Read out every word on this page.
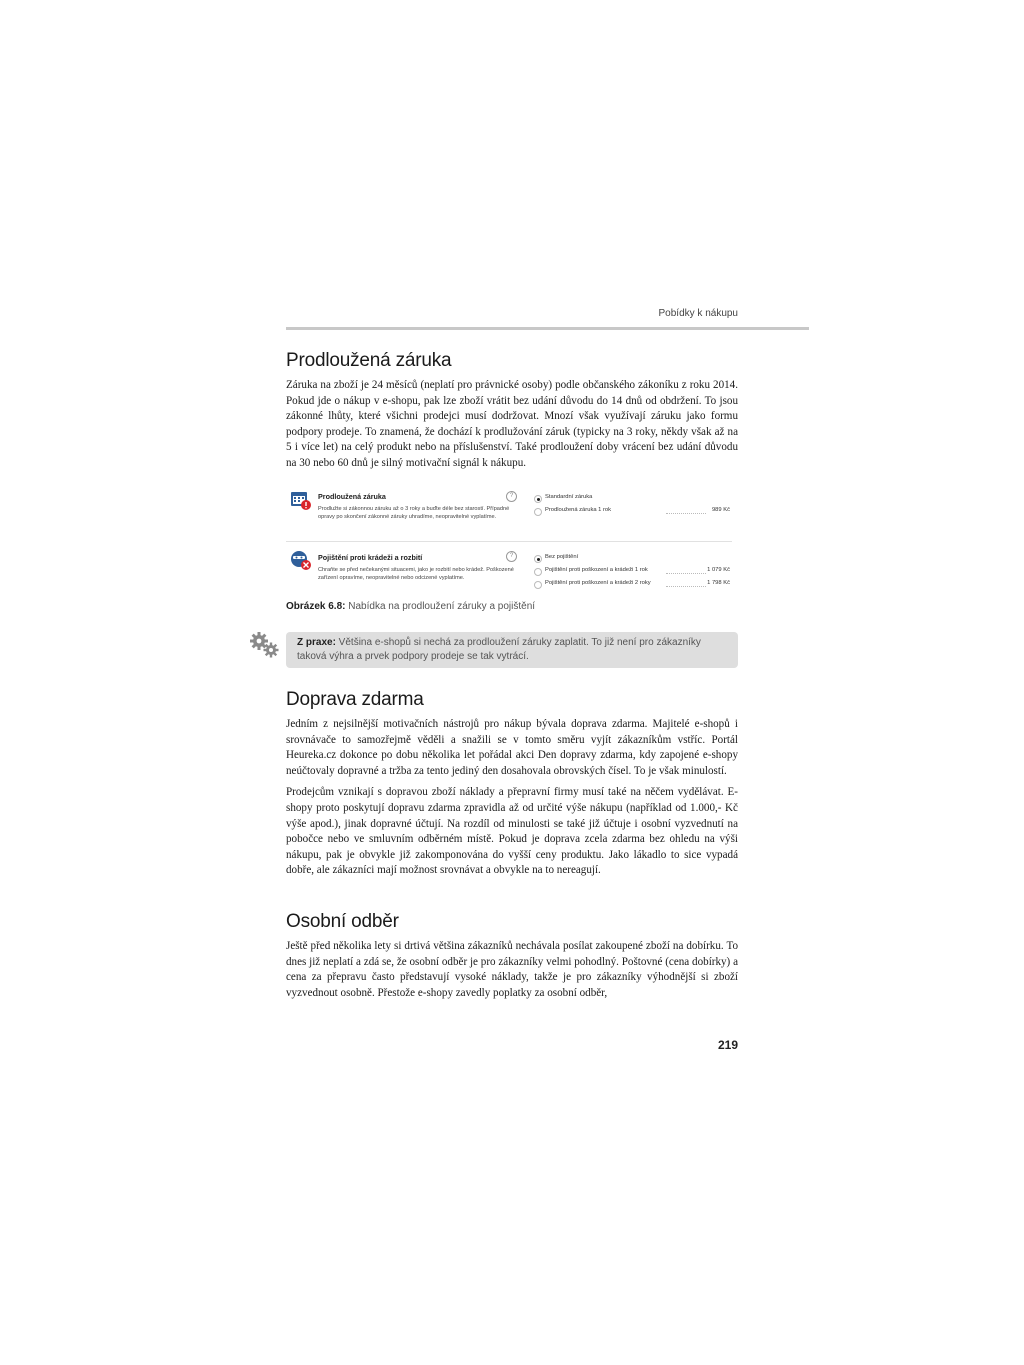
Pobídky k nákupu
Prodloužená záruka

Záruka na zboží je 24 měsíců (neplatí pro právnické osoby) podle občanského zákoníku z roku 2014. Pokud jde o nákup v e-shopu, pak lze zboží vrátit bez udání důvodu do 14 dnů od obdržení. To jsou zákonné lhůty, které všichni prodejci musí dodržovat. Mnozí však využívají záruku jako formu podpory prodeje. To znamená, že dochází k prodlužování záruk (typicky na 3 roky, někdy však až na 5 i více let) na celý produkt nebo na příslušenství. Také prodloužení doby vrácení bez udání důvodu na 30 nebo 60 dnů je silný motivační signál k nákupu.

Prodloužená záruka
Prodlužte si zákonnou záruku až o 3 roky a buďte déle bez starostí. Případné opravy po skončení zákonné záruky uhradíme, neopravitelné vyplatíme.
?	Standardní záruka
Prodloužená záruka 1 rok	989 Kč
Pojištění proti krádeži a rozbití
Chraňte se před nečekanými situacemi, jako je rozbití nebo krádež. Poškozené zařízení opravíme, neopravitelné nebo odcizené vyplatíme.
?	Bez pojištění
Pojištění proti poškození a krádeži 1 rok	1 079 Kč
Pojištění proti poškození a krádeži 2 roky	1 798 Kč
Obrázek 6.8: Nabídka na prodloužení záruky a pojištění
Z praxe: Většina e-shopů si nechá za prodloužení záruky zaplatit. To již není pro zákazníky taková výhra a prvek podpory prodeje se tak vytrácí.
Doprava zdarma

Jedním z nejsilnější motivačních nástrojů pro nákup bývala doprava zdarma. Majitelé e-shopů i srovnávače to samozřejmě věděli a snažili se v tomto směru vyjít zákazníkům vstříc. Portál Heureka.cz dokonce po dobu několika let pořádal akci Den dopravy zdarma, kdy zapojené e-shopy neúčtovaly dopravné a tržba za tento jediný den dosahovala obrovských čísel. To je však minulostí.

Prodejcům vznikají s dopravou zboží náklady a přepravní firmy musí také na něčem vydělávat. E-shopy proto poskytují dopravu zdarma zpravidla až od určité výše nákupu (například od 1.000,- Kč výše apod.), jinak dopravné účtují. Na rozdíl od minulosti se také již účtuje i osobní vyzvednutí na pobočce nebo ve smluvním odběrném místě. Pokud je doprava zcela zdarma bez ohledu na výši nákupu, pak je obvykle již zakomponována do vyšší ceny produktu. Jako lákadlo to sice vypadá dobře, ale zákazníci mají možnost srovnávat a obvykle na to nereagují.

Osobní odběr

Ještě před několika lety si drtivá většina zákazníků nechávala posílat zakoupené zboží na dobírku. To dnes již neplatí a zdá se, že osobní odběr je pro zákazníky velmi pohodlný. Poštovné (cena dobírky) a cena za přepravu často představují vysoké náklady, takže je pro zákazníky výhodnější si zboží vyzvednout osobně. Přestože e-shopy zavedly poplatky za osobní odběr,

219
